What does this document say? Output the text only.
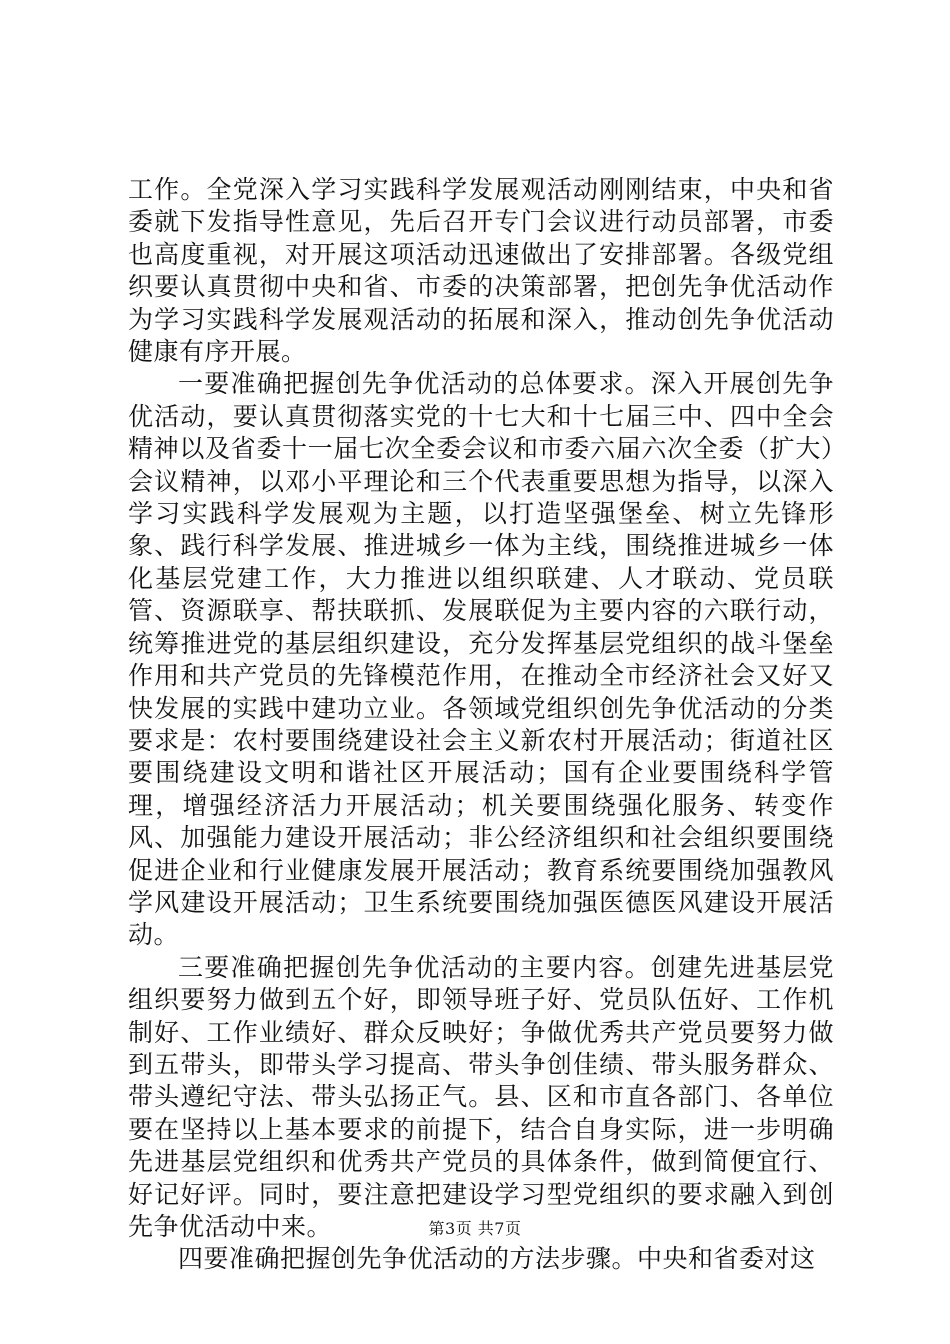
工作。全党深入学习实践科学发展观活动刚刚结束，中央和省委就下发指导性意见，先后召开专门会议进行动员部署，市委也高度重视，对开展这项活动迅速做出了安排部署。各级党组织要认真贯彻中央和省、市委的决策部署，把创先争优活动作为学习实践科学发展观活动的拓展和深入，推动创先争优活动健康有序开展。

一要准确把握创先争优活动的总体要求。深入开展创先争优活动，要认真贯彻落实党的十七大和十七届三中、四中全会精神以及省委十一届七次全委会议和市委六届六次全委（扩大）会议精神，以邓小平理论和三个代表重要思想为指导，以深入学习实践科学发展观为主题，以打造坚强堡垒、树立先锋形象、践行科学发展、推进城乡一体为主线，围绕推进城乡一体化基层党建工作，大力推进以组织联建、人才联动、党员联管、资源联享、帮扶联抓、发展联促为主要内容的六联行动，统筹推进党的基层组织建设，充分发挥基层党组织的战斗堡垒作用和共产党员的先锋模范作用，在推动全市经济社会又好又快发展的实践中建功立业。各领域党组织创先争优活动的分类要求是：农村要围绕建设社会主义新农村开展活动；街道社区要围绕建设文明和谐社区开展活动；国有企业要围绕科学管理，增强经济活力开展活动；机关要围绕强化服务、转变作风、加强能力建设开展活动；非公经济组织和社会组织要围绕促进企业和行业健康发展开展活动；教育系统要围绕加强教风学风建设开展活动；卫生系统要围绕加强医德医风建设开展活动。

三要准确把握创先争优活动的主要内容。创建先进基层党组织要努力做到五个好，即领导班子好、党员队伍好、工作机制好、工作业绩好、群众反映好；争做优秀共产党员要努力做到五带头，即带头学习提高、带头争创佳绩、带头服务群众、带头遵纪守法、带头弘扬正气。县、区和市直各部门、各单位要在坚持以上基本要求的前提下，结合自身实际，进一步明确先进基层党组织和优秀共产党员的具体条件，做到简便宜行、好记好评。同时，要注意把建设学习型党组织的要求融入到创先争优活动中来。

四要准确把握创先争优活动的方法步骤。中央和省委对这

第3页 共7页
